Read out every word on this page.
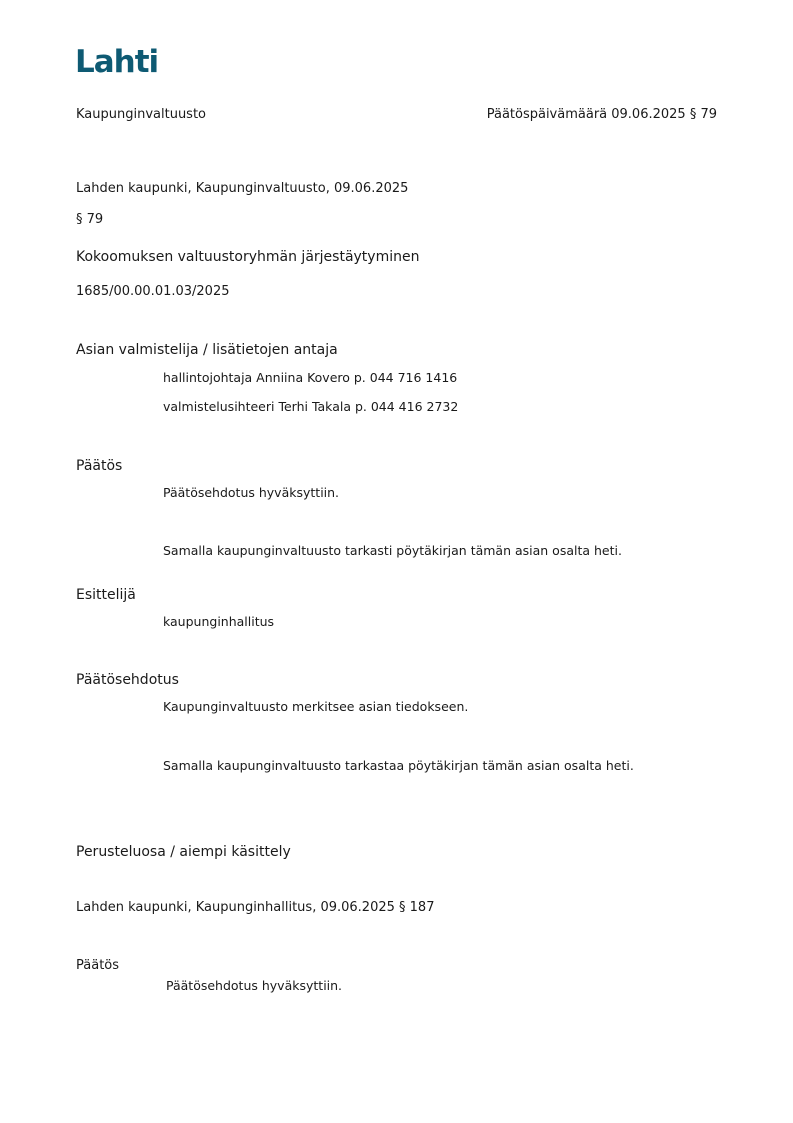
Lahti
Kaupunginvaltuusto	Päätöspäivämäärä 09.06.2025 § 79
Lahden kaupunki, Kaupunginvaltuusto, 09.06.2025
§ 79
Kokoomuksen valtuustoryhmän järjestäytyminen
1685/00.00.01.03/2025
Asian valmistelija / lisätietojen antaja
hallintojohtaja Anniina Kovero p. 044 716 1416
valmistelusihteeri Terhi Takala p. 044 416 2732
Päätös
Päätösehdotus hyväksyttiin.
Samalla kaupunginvaltuusto tarkasti pöytäkirjan tämän asian osalta heti.
Esittelijä
kaupunginhallitus
Päätösehdotus
Kaupunginvaltuusto merkitsee asian tiedokseen.
Samalla kaupunginvaltuusto tarkastaa pöytäkirjan tämän asian osalta heti.
Perusteluosa / aiempi käsittely
Lahden kaupunki, Kaupunginhallitus, 09.06.2025 § 187
Päätös
Päätösehdotus hyväksyttiin.
